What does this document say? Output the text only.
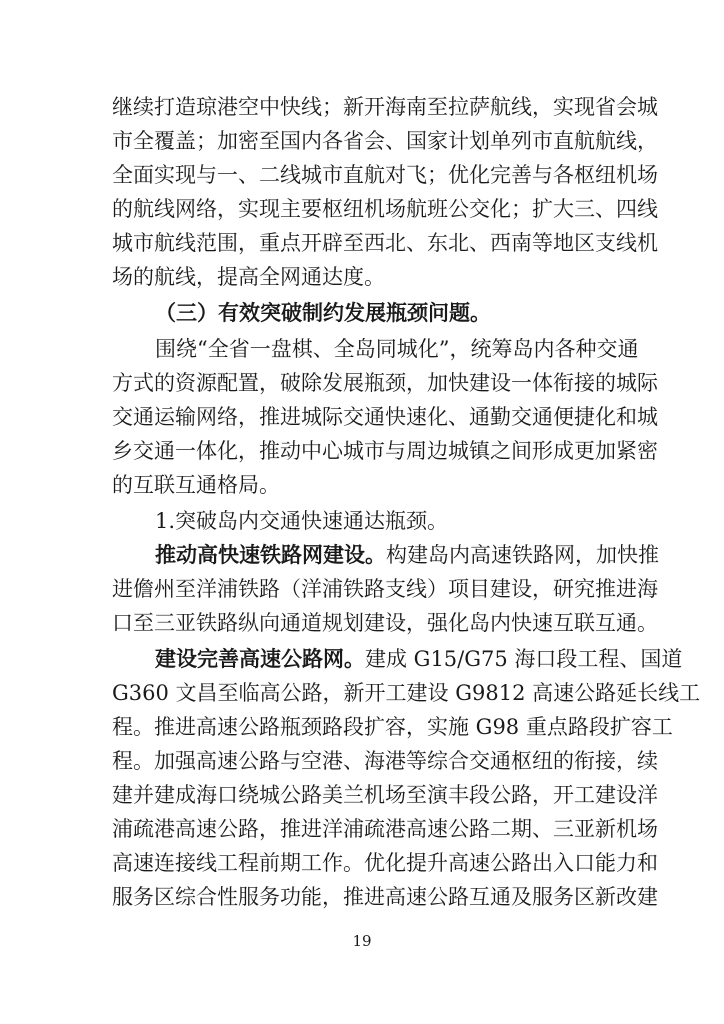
继续打造琼港空中快线；新开海南至拉萨航线，实现省会城
市全覆盖；加密至国内各省会、国家计划单列市直航航线，
全面实现与一、二线城市直航对飞；优化完善与各枢纽机场
的航线网络，实现主要枢纽机场航班公交化；扩大三、四线
城市航线范围，重点开辟至西北、东北、西南等地区支线机
场的航线，提高全网通达度。
（三）有效突破制约发展瓶颈问题。
围绕“全省一盘棋、全岛同城化”，统筹岛内各种交通
方式的资源配置，破除发展瓶颈，加快建设一体衔接的城际
交通运输网络，推进城际交通快速化、通勤交通便捷化和城
乡交通一体化，推动中心城市与周边城镇之间形成更加紧密
的互联互通格局。
1.突破岛内交通快速通达瓶颈。
推动高快速铁路网建设。构建岛内高速铁路网，加快推
进儋州至洋浦铁路（洋浦铁路支线）项目建设，研究推进海
口至三亚铁路纵向通道规划建设，强化岛内快速互联互通。
建设完善高速公路网。建成 G15/G75 海口段工程、国道
G360 文昌至临高公路，新开工建设 G9812 高速公路延长线工
程。推进高速公路瓶颈路段扩容，实施 G98 重点路段扩容工
程。加强高速公路与空港、海港等综合交通枢纽的衔接，续
建并建成海口绕城公路美兰机场至演丰段公路，开工建设洋
浦疏港高速公路，推进洋浦疏港高速公路二期、三亚新机场
高速连接线工程前期工作。优化提升高速公路出入口能力和
服务区综合性服务功能，推进高速公路互通及服务区新改建
19
